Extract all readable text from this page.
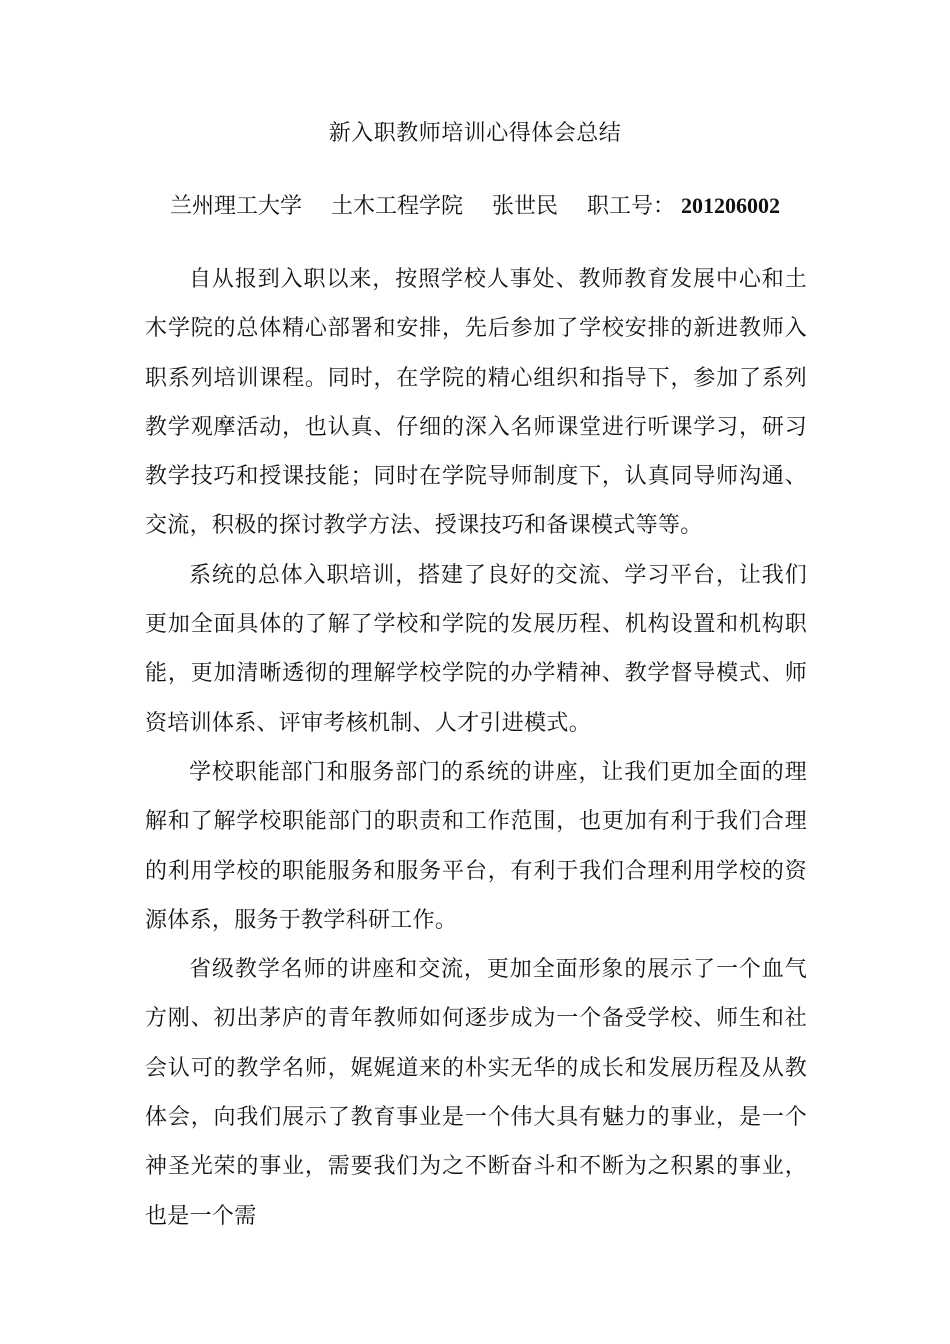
新入职教师培训心得体会总结
兰州理工大学 土木工程学院 张世民 职工号： 201206002

自从报到入职以来，按照学校人事处、教师教育发展中心和土木学院的总体精心部署和安排，先后参加了学校安排的新进教师入职系列培训课程。同时，在学院的精心组织和指导下，参加了系列教学观摩活动，也认真、仔细的深入名师课堂进行听课学习，研习教学技巧和授课技能；同时在学院导师制度下，认真同导师沟通、交流，积极的探讨教学方法、授课技巧和备课模式等等。

系统的总体入职培训，搭建了良好的交流、学习平台，让我们更加全面具体的了解了学校和学院的发展历程、机构设置和机构职能，更加清晰透彻的理解学校学院的办学精神、教学督导模式、师资培训体系、评审考核机制、人才引进模式。

学校职能部门和服务部门的系统的讲座，让我们更加全面的理解和了解学校职能部门的职责和工作范围，也更加有利于我们合理的利用学校的职能服务和服务平台，有利于我们合理利用学校的资源体系，服务于教学科研工作。

省级教学名师的讲座和交流，更加全面形象的展示了一个血气方刚、初出茅庐的青年教师如何逐步成为一个备受学校、师生和社会认可的教学名师，娓娓道来的朴实无华的成长和发展历程及从教体会，向我们展示了教育事业是一个伟大具有魅力的事业，是一个神圣光荣的事业，需要我们为之不断奋斗和不断为之积累的事业，也是一个需
